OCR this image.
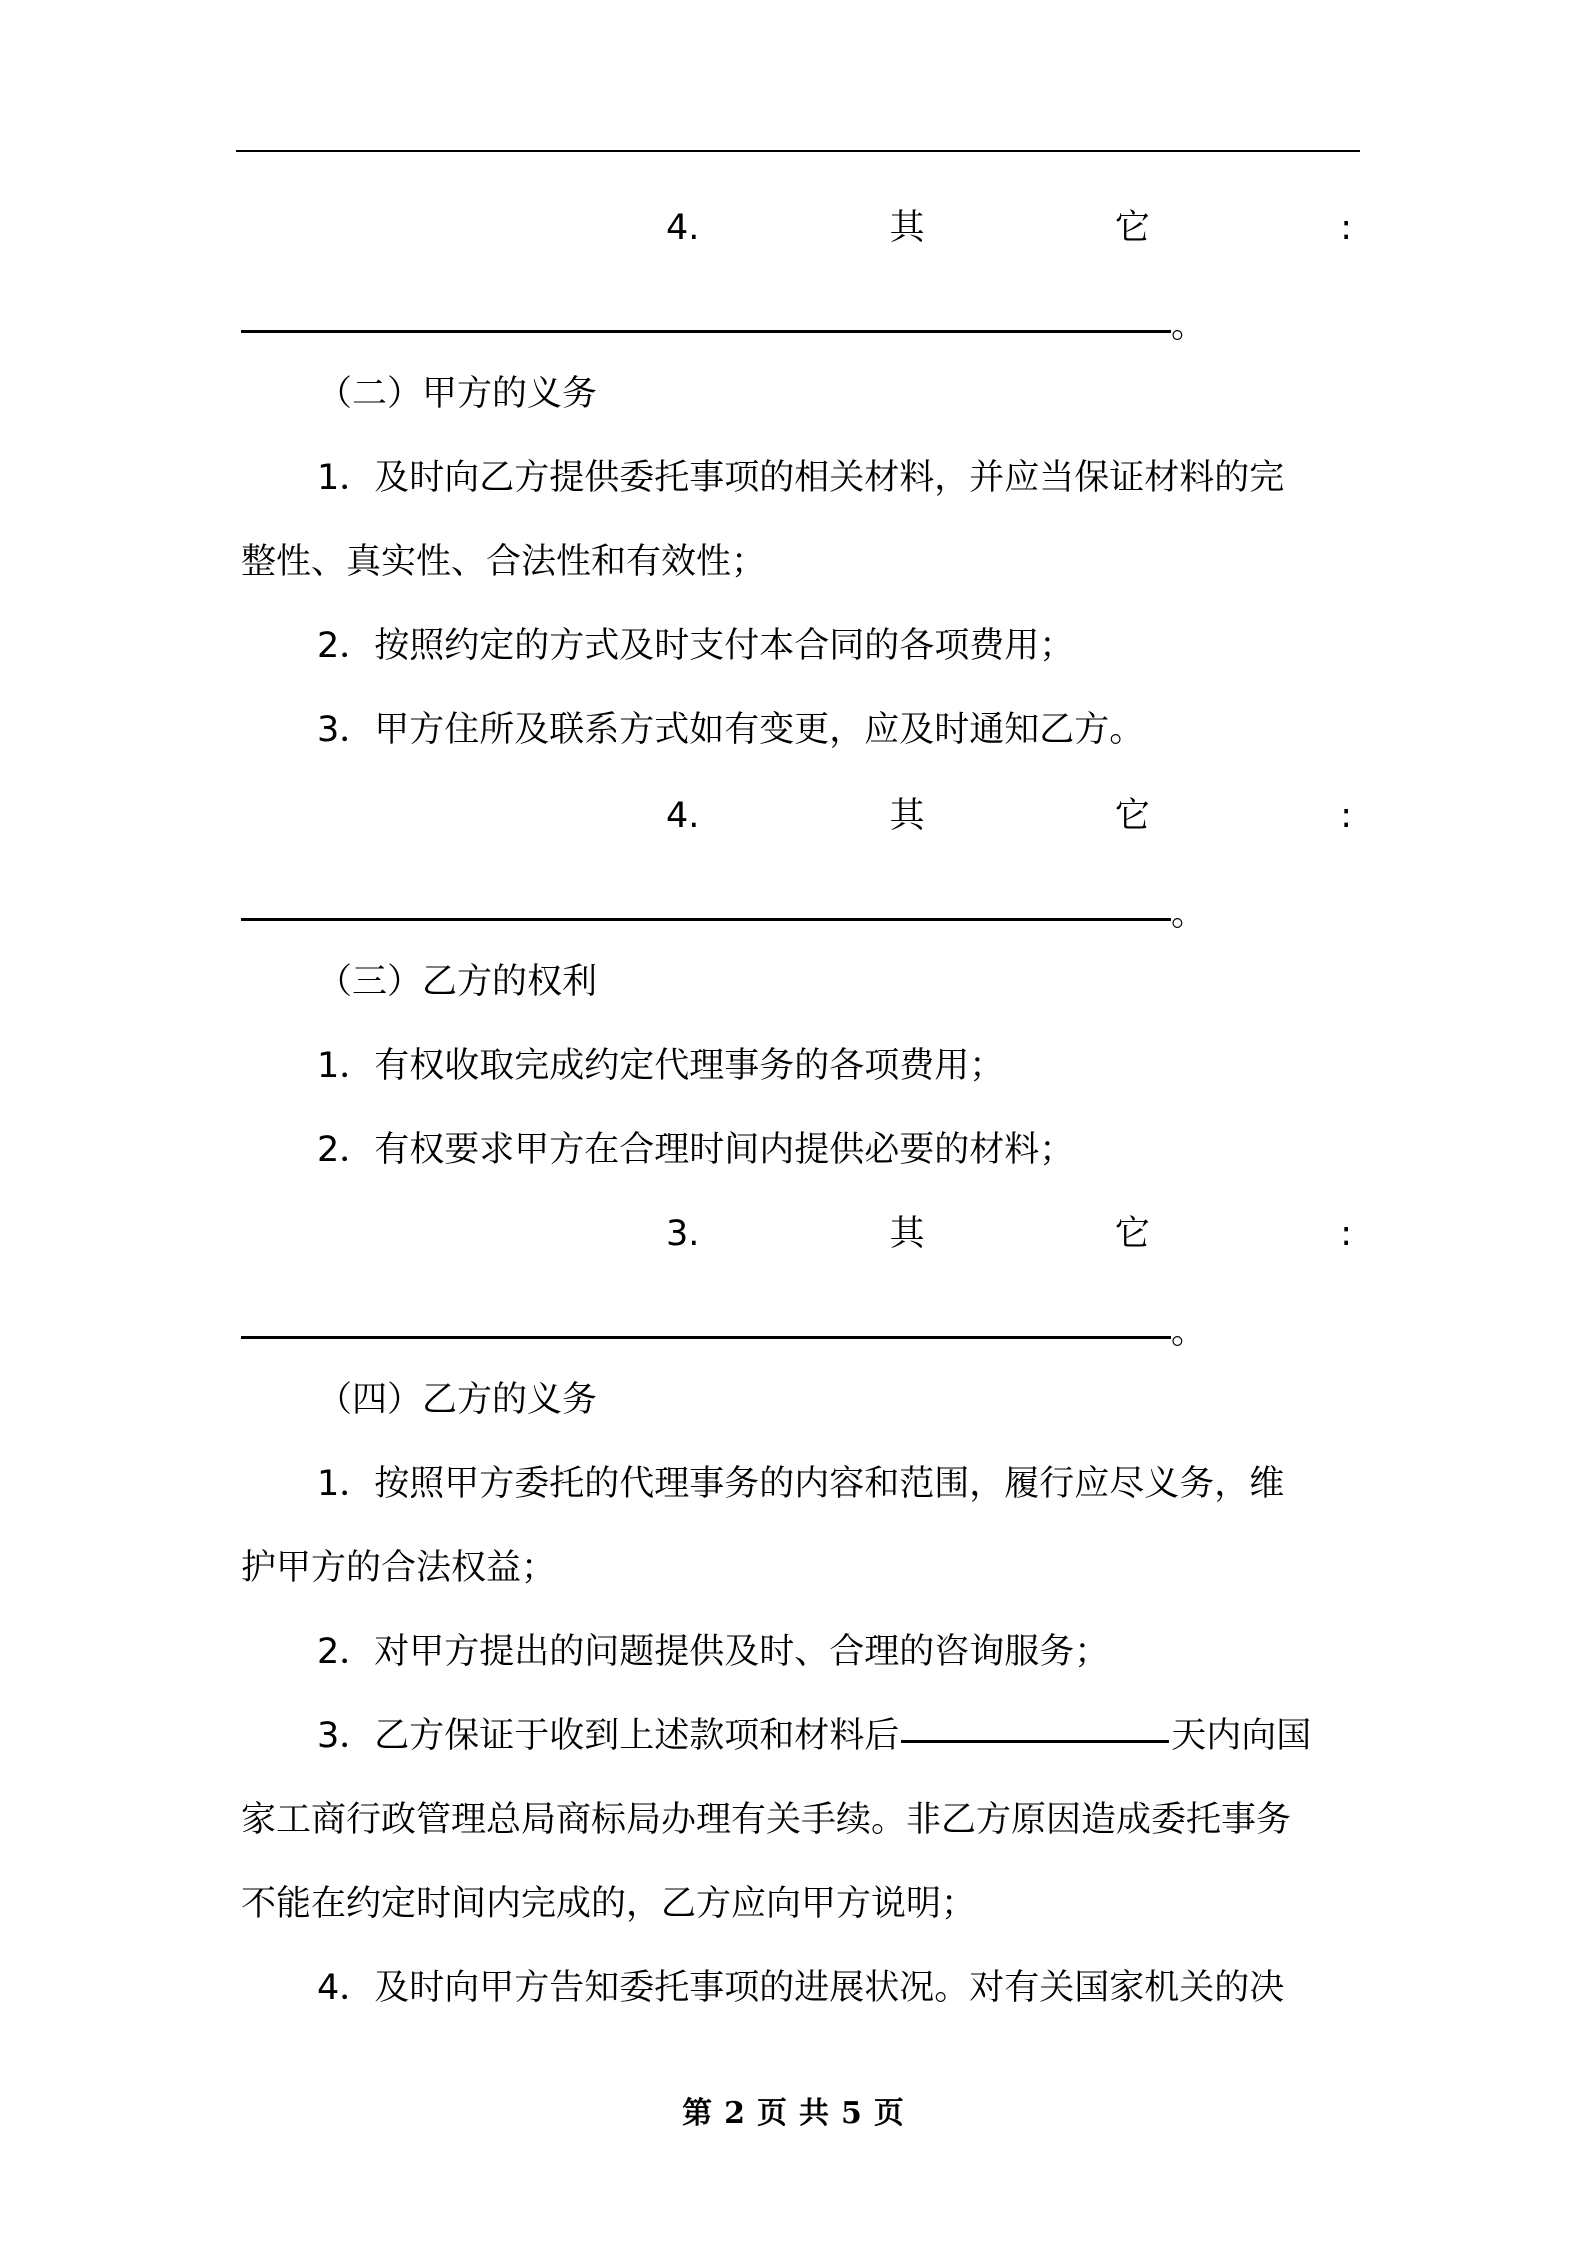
4.	其	它	:
。
（二）甲方的义务
1．及时向乙方提供委托事项的相关材料，并应当保证材料的完
整性、真实性、合法性和有效性；
2．按照约定的方式及时支付本合同的各项费用；
3．甲方住所及联系方式如有变更，应及时通知乙方。
4.	其	它	:
。
（三）乙方的权利
1．有权收取完成约定代理事务的各项费用；
2．有权要求甲方在合理时间内提供必要的材料；
3.	其	它	:
。
（四）乙方的义务
1．按照甲方委托的代理事务的内容和范围，履行应尽义务，维
护甲方的合法权益；
2．对甲方提出的问题提供及时、合理的咨询服务；
3．乙方保证于收到上述款项和材料后	天内向国
家工商行政管理总局商标局办理有关手续。非乙方原因造成委托事务
不能在约定时间内完成的，乙方应向甲方说明；
4．及时向甲方告知委托事项的进展状况。对有关国家机关的决
第 2 页 共 5 页
